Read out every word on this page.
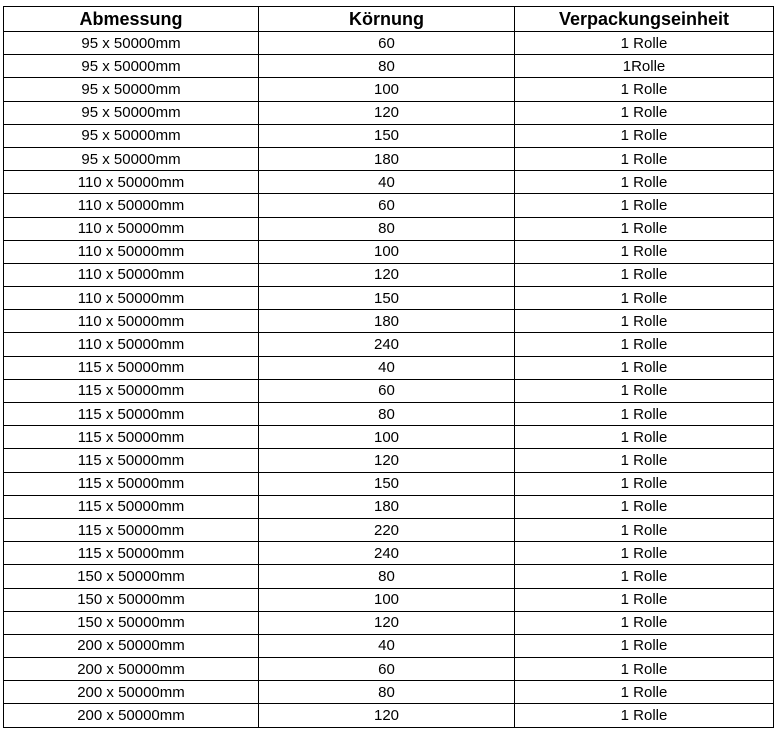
Abmessung	Körnung	Verpackungseinheit
95 x 50000mm	60	1 Rolle
95 x 50000mm	80	1Rolle
95 x 50000mm	100	1 Rolle
95 x 50000mm	120	1 Rolle
95 x 50000mm	150	1 Rolle
95 x 50000mm	180	1 Rolle
110 x 50000mm	40	1 Rolle
110 x 50000mm	60	1 Rolle
110 x 50000mm	80	1 Rolle
110 x 50000mm	100	1 Rolle
110 x 50000mm	120	1 Rolle
110 x 50000mm	150	1 Rolle
110 x 50000mm	180	1 Rolle
110 x 50000mm	240	1 Rolle
115 x 50000mm	40	1 Rolle
115 x 50000mm	60	1 Rolle
115 x 50000mm	80	1 Rolle
115 x 50000mm	100	1 Rolle
115 x 50000mm	120	1 Rolle
115 x 50000mm	150	1 Rolle
115 x 50000mm	180	1 Rolle
115 x 50000mm	220	1 Rolle
115 x 50000mm	240	1 Rolle
150 x 50000mm	80	1 Rolle
150 x 50000mm	100	1 Rolle
150 x 50000mm	120	1 Rolle
200 x 50000mm	40	1 Rolle
200 x 50000mm	60	1 Rolle
200 x 50000mm	80	1 Rolle
200 x 50000mm	120	1 Rolle
